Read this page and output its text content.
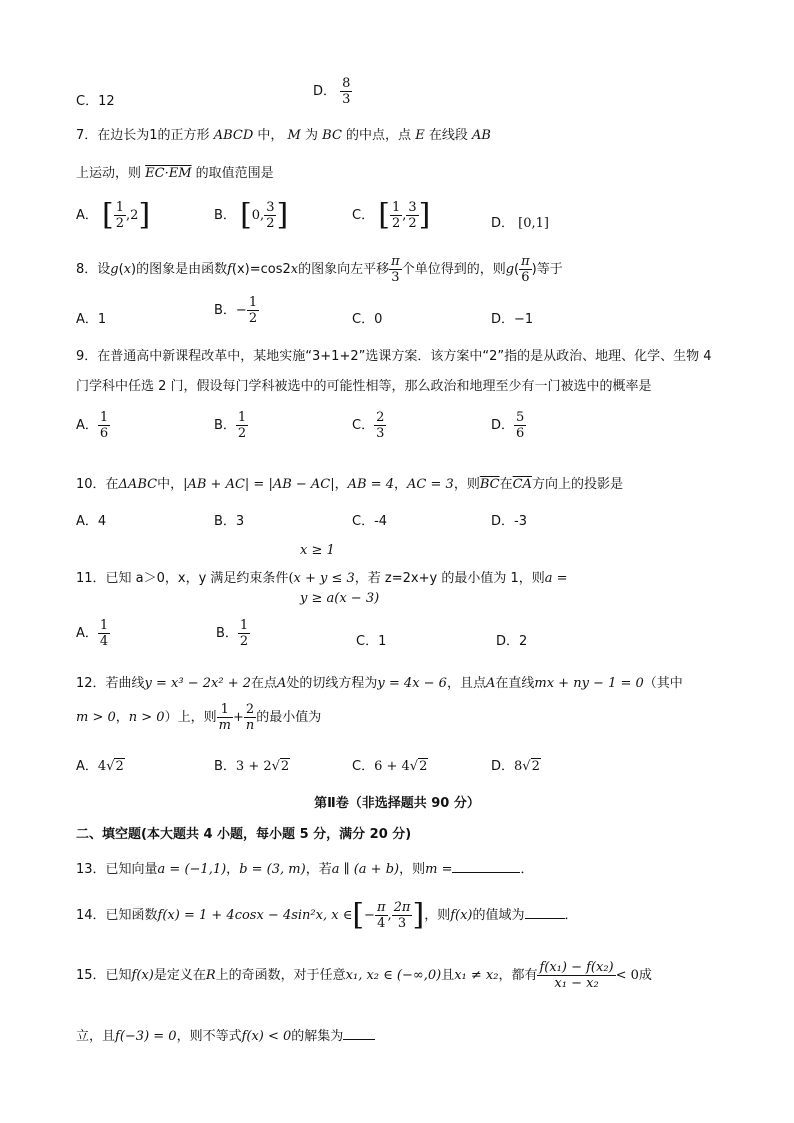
C．12
D． $\frac{8}{3}$
7．在边长为1的正方形 ABCD 中， M 为 BC 的中点，点 E 在线段 AB
上运动，则 EC·EM 的取值范围是
A． [ $\frac{1}{2} ,2$]	B． [0, $\frac{3}{2}$ ]	C． [ $\frac{1}{2}$ , $\frac{3}{2}$ ]	D． [0,1]
8．设g(x)的图象是由函数f(x)=cos2x的图象向左平移 $\frac{\pi}{3}$ 个单位得到的，则$g( \frac{\pi}{6}$ )等于
A．1
B．− $\frac{1}{2}$	C．0	D．−1
9．在普通高中新课程改革中，某地实施“3+1+2”选课方案．该方案中“2”指的是从政治、地理、化学、生物 4
门学科中任选 2 门，假设每门学科被选中的可能性相等，那么政治和地理至少有一门被选中的概率是
A． $\frac{1}{6}$	B． $\frac{1}{2}$	C． $\frac{2}{3}$	D． $\frac{5}{6}$
10．在ΔABC中，|AB + AC| = |AB − AC|，AB = 4，AC = 3，则$\overline{BC}$在$\overline{CA}$方向上的投影是
A．4	B．3	C．-4	D．-3
x ≥ 1
11．已知 a＞0，x，y 满足约束条件(x + y ≤ 3，若 z=2x+y 的最小值为 1，则a =
y ≥ a(x − 3)
A． $\frac{1}{4}$	B． $\frac{1}{2}$	C．1	D．2
12．若曲线y = x³ − 2x² + 2在点A处的切线方程为y = 4x − 6，且点A在直线mx + ny − 1 = 0（其中
m > 0，n > 0）上，则 $\frac{1}{m} + \frac{2}{n}$ 的最小值为
A．4√2	B．3 + 2√2	C．6 + 4√2	D．8√2
第Ⅱ卷（非选择题共 90 分）
二、填空题(本大题共 4 小题，每小题 5 分，满分 20 分)
13．已知向量a = (−1,1)，b = (3, m)，若a ∥ (a + b)，则m =	．
14．已知函数f(x) = 1 + 4cosx − 4sin²x, x ∈[− $\frac{\pi}{4}$ , $\frac{2\pi}{3}$ ]，则f(x)的值域为	．
15．已知f(x)是定义在R上的奇函数，对于任意x₁, x₂ ∈ (−∞,0)且x₁ ≠ x₂，都有 $\frac{\text{f(x₁) − f(x₂)}}{\text{x₁ − x₂}} < 0$成
立，且f(−3) = 0，则不等式f(x) < 0的解集为
